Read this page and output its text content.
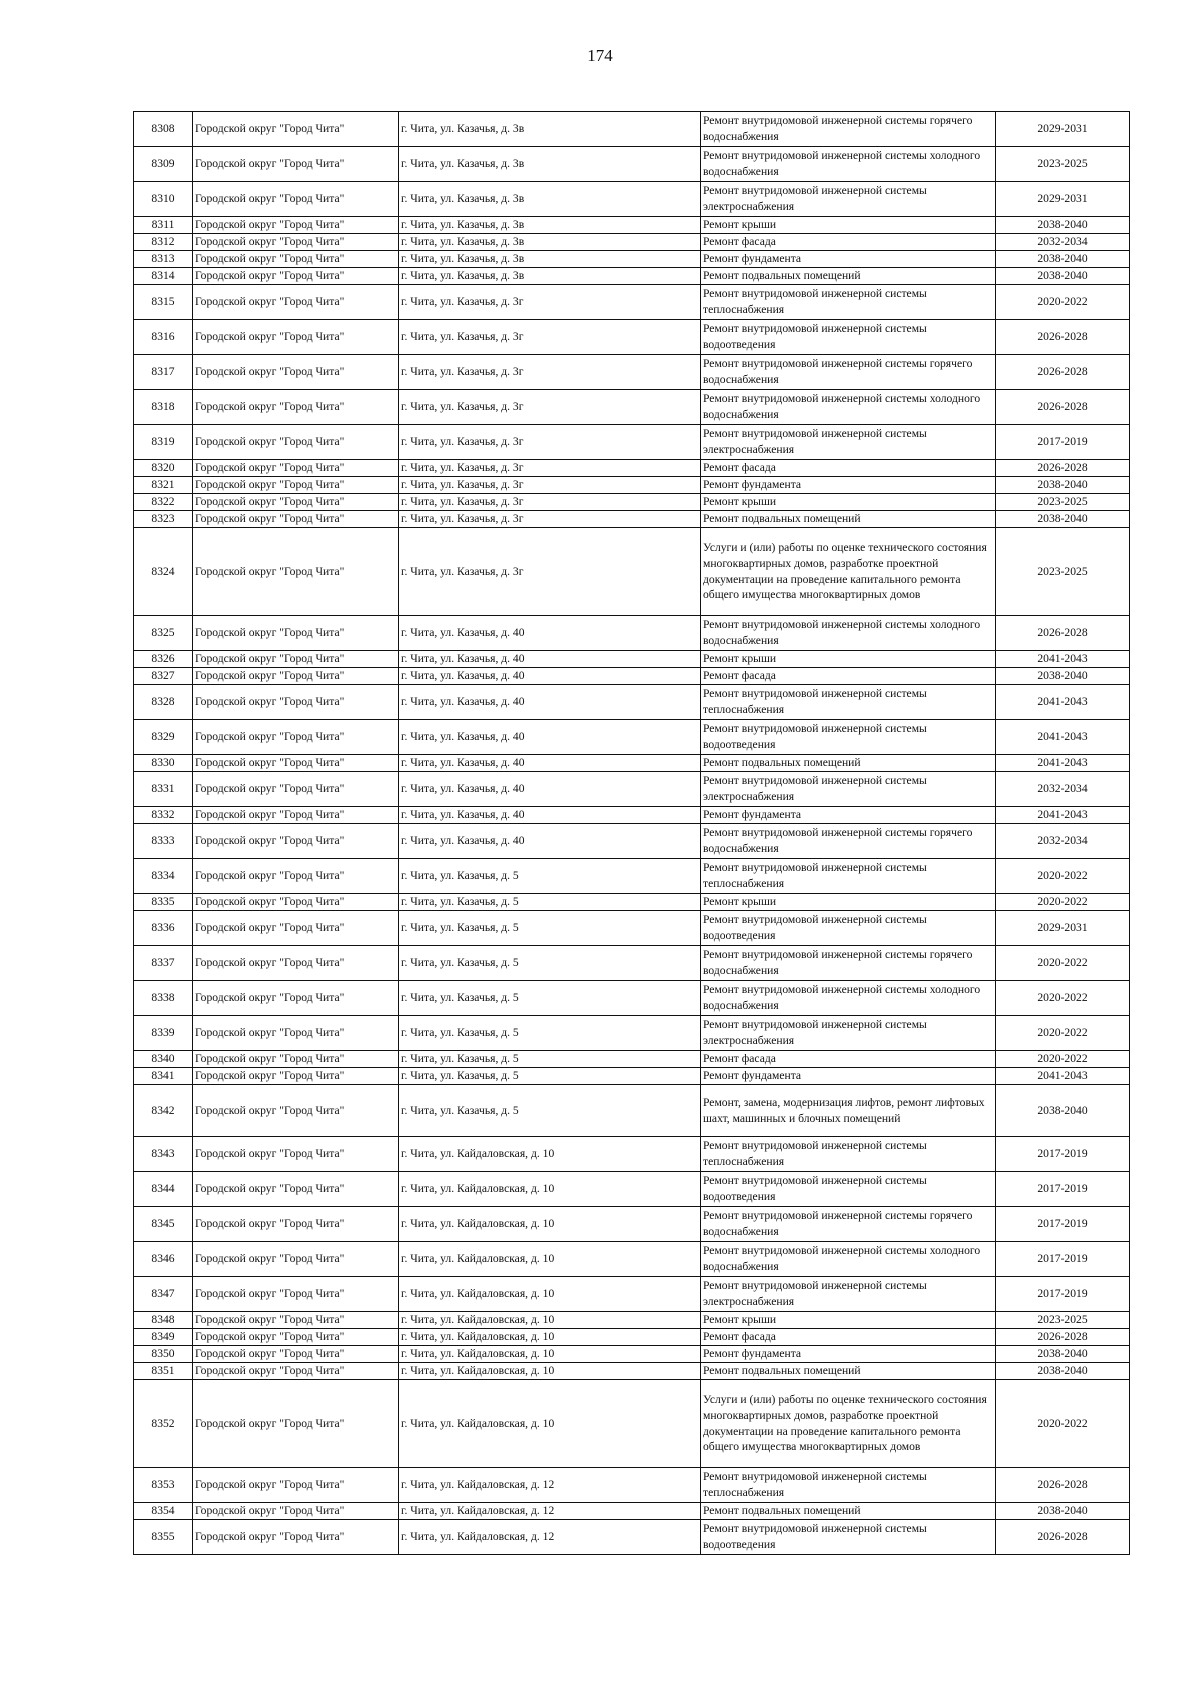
174
8308	Городской округ "Город Чита"	г. Чита, ул. Казачья, д. 3в	Ремонт внутридомовой инженерной системы горячего водоснабжения	2029-2031
8309	Городской округ "Город Чита"	г. Чита, ул. Казачья, д. 3в	Ремонт внутридомовой инженерной системы холодного водоснабжения	2023-2025
8310	Городской округ "Город Чита"	г. Чита, ул. Казачья, д. 3в	Ремонт внутридомовой инженерной системы электроснабжения	2029-2031
8311	Городской округ "Город Чита"	г. Чита, ул. Казачья, д. 3в	Ремонт крыши	2038-2040
8312	Городской округ "Город Чита"	г. Чита, ул. Казачья, д. 3в	Ремонт фасада	2032-2034
8313	Городской округ "Город Чита"	г. Чита, ул. Казачья, д. 3в	Ремонт фундамента	2038-2040
8314	Городской округ "Город Чита"	г. Чита, ул. Казачья, д. 3в	Ремонт подвальных помещений	2038-2040
8315	Городской округ "Город Чита"	г. Чита, ул. Казачья, д. 3г	Ремонт внутридомовой инженерной системы теплоснабжения	2020-2022
8316	Городской округ "Город Чита"	г. Чита, ул. Казачья, д. 3г	Ремонт внутридомовой инженерной системы водоотведения	2026-2028
8317	Городской округ "Город Чита"	г. Чита, ул. Казачья, д. 3г	Ремонт внутридомовой инженерной системы горячего водоснабжения	2026-2028
8318	Городской округ "Город Чита"	г. Чита, ул. Казачья, д. 3г	Ремонт внутридомовой инженерной системы холодного водоснабжения	2026-2028
8319	Городской округ "Город Чита"	г. Чита, ул. Казачья, д. 3г	Ремонт внутридомовой инженерной системы электроснабжения	2017-2019
8320	Городской округ "Город Чита"	г. Чита, ул. Казачья, д. 3г	Ремонт фасада	2026-2028
8321	Городской округ "Город Чита"	г. Чита, ул. Казачья, д. 3г	Ремонт фундамента	2038-2040
8322	Городской округ "Город Чита"	г. Чита, ул. Казачья, д. 3г	Ремонт крыши	2023-2025
8323	Городской округ "Город Чита"	г. Чита, ул. Казачья, д. 3г	Ремонт подвальных помещений	2038-2040
8324	Городской округ "Город Чита"	г. Чита, ул. Казачья, д. 3г	Услуги и (или) работы по оценке технического состояния многоквартирных домов, разработке проектной документации на проведение капитального ремонта общего имущества многоквартирных домов	2023-2025
8325	Городской округ "Город Чита"	г. Чита, ул. Казачья, д. 40	Ремонт внутридомовой инженерной системы холодного водоснабжения	2026-2028
8326	Городской округ "Город Чита"	г. Чита, ул. Казачья, д. 40	Ремонт крыши	2041-2043
8327	Городской округ "Город Чита"	г. Чита, ул. Казачья, д. 40	Ремонт фасада	2038-2040
8328	Городской округ "Город Чита"	г. Чита, ул. Казачья, д. 40	Ремонт внутридомовой инженерной системы теплоснабжения	2041-2043
8329	Городской округ "Город Чита"	г. Чита, ул. Казачья, д. 40	Ремонт внутридомовой инженерной системы водоотведения	2041-2043
8330	Городской округ "Город Чита"	г. Чита, ул. Казачья, д. 40	Ремонт подвальных помещений	2041-2043
8331	Городской округ "Город Чита"	г. Чита, ул. Казачья, д. 40	Ремонт внутридомовой инженерной системы электроснабжения	2032-2034
8332	Городской округ "Город Чита"	г. Чита, ул. Казачья, д. 40	Ремонт фундамента	2041-2043
8333	Городской округ "Город Чита"	г. Чита, ул. Казачья, д. 40	Ремонт внутридомовой инженерной системы горячего водоснабжения	2032-2034
8334	Городской округ "Город Чита"	г. Чита, ул. Казачья, д. 5	Ремонт внутридомовой инженерной системы теплоснабжения	2020-2022
8335	Городской округ "Город Чита"	г. Чита, ул. Казачья, д. 5	Ремонт крыши	2020-2022
8336	Городской округ "Город Чита"	г. Чита, ул. Казачья, д. 5	Ремонт внутридомовой инженерной системы водоотведения	2029-2031
8337	Городской округ "Город Чита"	г. Чита, ул. Казачья, д. 5	Ремонт внутридомовой инженерной системы горячего водоснабжения	2020-2022
8338	Городской округ "Город Чита"	г. Чита, ул. Казачья, д. 5	Ремонт внутридомовой инженерной системы холодного водоснабжения	2020-2022
8339	Городской округ "Город Чита"	г. Чита, ул. Казачья, д. 5	Ремонт внутридомовой инженерной системы электроснабжения	2020-2022
8340	Городской округ "Город Чита"	г. Чита, ул. Казачья, д. 5	Ремонт фасада	2020-2022
8341	Городской округ "Город Чита"	г. Чита, ул. Казачья, д. 5	Ремонт фундамента	2041-2043
8342	Городской округ "Город Чита"	г. Чита, ул. Казачья, д. 5	Ремонт, замена, модернизация лифтов, ремонт лифтовых шахт, машинных и блочных помещений	2038-2040
8343	Городской округ "Город Чита"	г. Чита, ул. Кайдаловская, д. 10	Ремонт внутридомовой инженерной системы теплоснабжения	2017-2019
8344	Городской округ "Город Чита"	г. Чита, ул. Кайдаловская, д. 10	Ремонт внутридомовой инженерной системы водоотведения	2017-2019
8345	Городской округ "Город Чита"	г. Чита, ул. Кайдаловская, д. 10	Ремонт внутридомовой инженерной системы горячего водоснабжения	2017-2019
8346	Городской округ "Город Чита"	г. Чита, ул. Кайдаловская, д. 10	Ремонт внутридомовой инженерной системы холодного водоснабжения	2017-2019
8347	Городской округ "Город Чита"	г. Чита, ул. Кайдаловская, д. 10	Ремонт внутридомовой инженерной системы электроснабжения	2017-2019
8348	Городской округ "Город Чита"	г. Чита, ул. Кайдаловская, д. 10	Ремонт крыши	2023-2025
8349	Городской округ "Город Чита"	г. Чита, ул. Кайдаловская, д. 10	Ремонт фасада	2026-2028
8350	Городской округ "Город Чита"	г. Чита, ул. Кайдаловская, д. 10	Ремонт фундамента	2038-2040
8351	Городской округ "Город Чита"	г. Чита, ул. Кайдаловская, д. 10	Ремонт подвальных помещений	2038-2040
8352	Городской округ "Город Чита"	г. Чита, ул. Кайдаловская, д. 10	Услуги и (или) работы по оценке технического состояния многоквартирных домов, разработке проектной документации на проведение капитального ремонта общего имущества многоквартирных домов	2020-2022
8353	Городской округ "Город Чита"	г. Чита, ул. Кайдаловская, д. 12	Ремонт внутридомовой инженерной системы теплоснабжения	2026-2028
8354	Городской округ "Город Чита"	г. Чита, ул. Кайдаловская, д. 12	Ремонт подвальных помещений	2038-2040
8355	Городской округ "Город Чита"	г. Чита, ул. Кайдаловская, д. 12	Ремонт внутридомовой инженерной системы водоотведения	2026-2028
